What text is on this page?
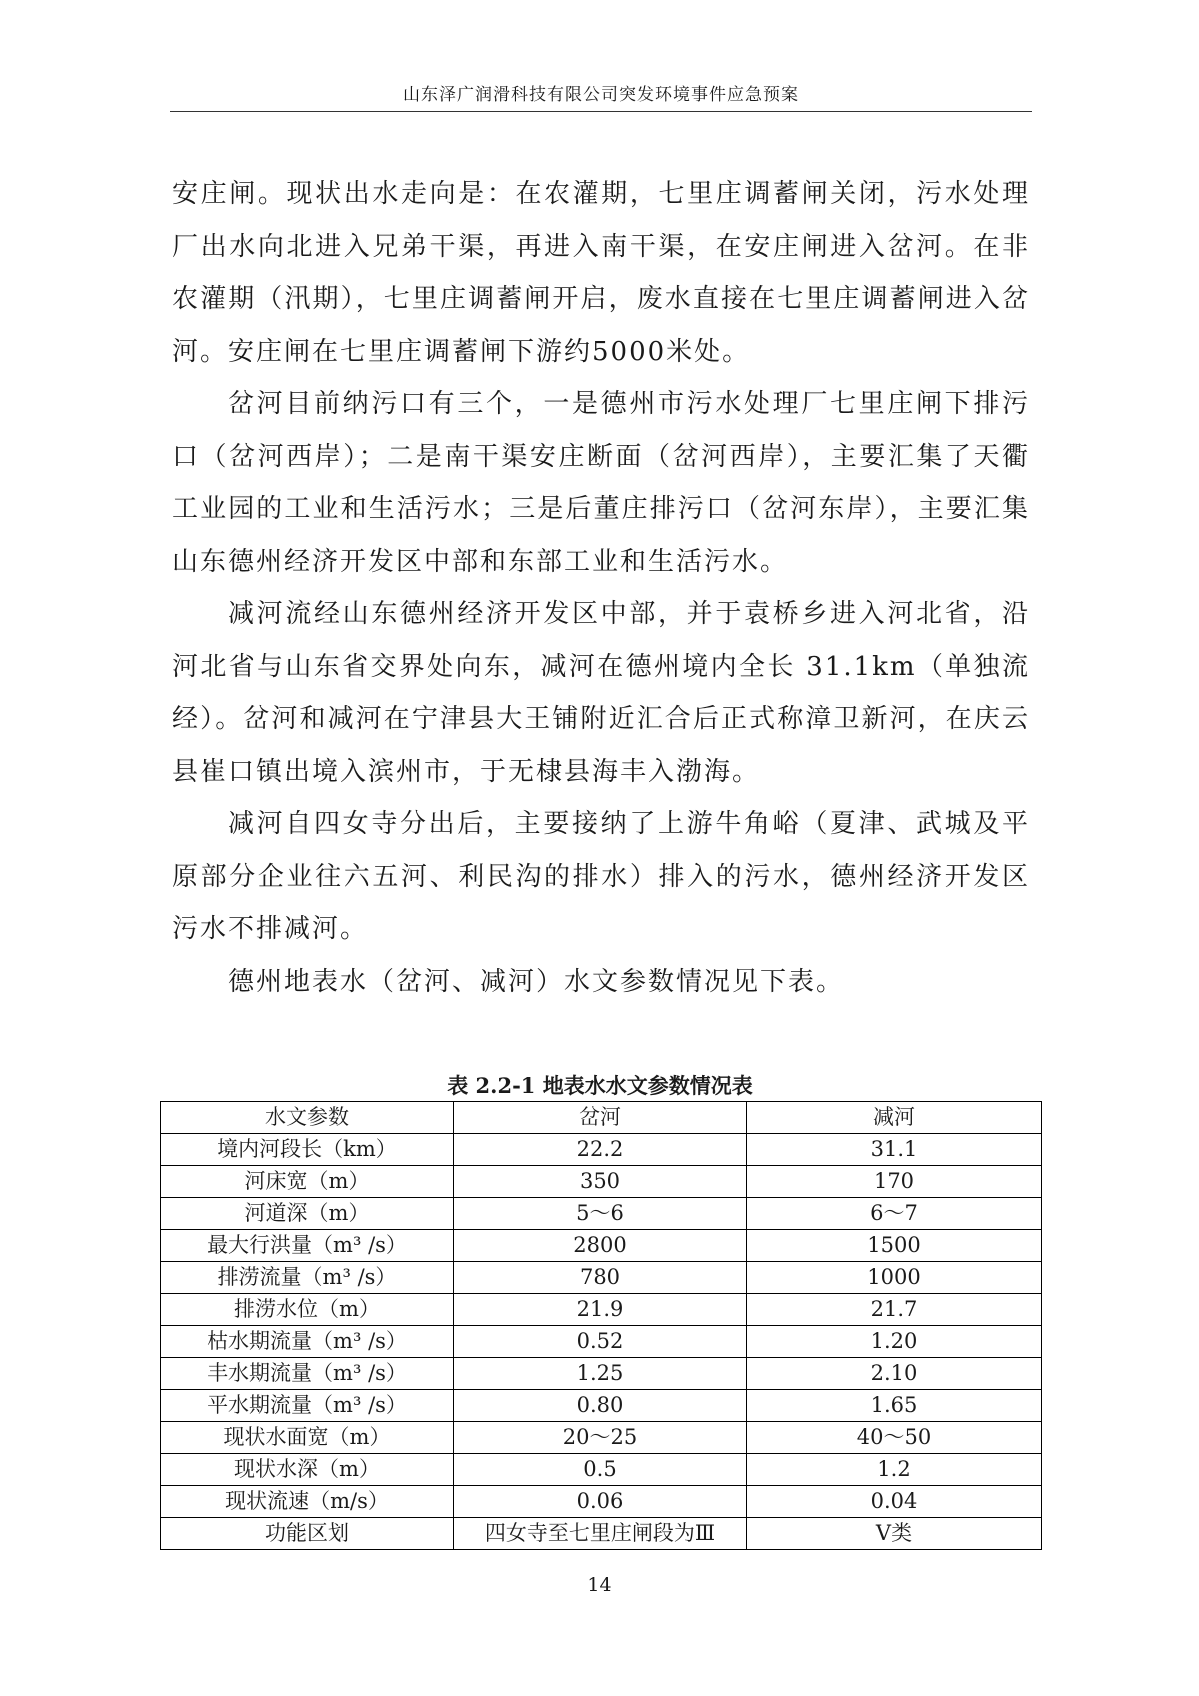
山东泽广润滑科技有限公司突发环境事件应急预案

安庄闸。现状出水走向是：在农灌期，七里庄调蓄闸关闭，污水处理厂出水向北进入兄弟干渠，再进入南干渠，在安庄闸进入岔河。在非农灌期（汛期），七里庄调蓄闸开启，废水直接在七里庄调蓄闸进入岔河。安庄闸在七里庄调蓄闸下游约5000米处。

岔河目前纳污口有三个，一是德州市污水处理厂七里庄闸下排污口（岔河西岸）；二是南干渠安庄断面（岔河西岸），主要汇集了天衢工业园的工业和生活污水；三是后董庄排污口（岔河东岸），主要汇集山东德州经济开发区中部和东部工业和生活污水。

减河流经山东德州经济开发区中部，并于袁桥乡进入河北省，沿河北省与山东省交界处向东，减河在德州境内全长 31.1km（单独流经）。岔河和减河在宁津县大王铺附近汇合后正式称漳卫新河，在庆云县崔口镇出境入滨州市，于无棣县海丰入渤海。

减河自四女寺分出后，主要接纳了上游牛角峪（夏津、武城及平原部分企业往六五河、利民沟的排水）排入的污水，德州经济开发区污水不排减河。

德州地表水（岔河、减河）水文参数情况见下表。

表 2.2-1 地表水水文参数情况表
水文参数	岔河	减河
境内河段长（km）	22.2	31.1
河床宽（m）	350	170
河道深（m）	5～6	6～7
最大行洪量（m³ /s）	2800	1500
排涝流量（m³ /s）	780	1000
排涝水位（m）	21.9	21.7
枯水期流量（m³ /s）	0.52	1.20
丰水期流量（m³ /s）	1.25	2.10
平水期流量（m³ /s）	0.80	1.65
现状水面宽（m）	20～25	40～50
现状水深（m）	0.5	1.2
现状流速（m/s）	0.06	0.04
功能区划	四女寺至七里庄闸段为Ⅲ	Ⅴ类
14
